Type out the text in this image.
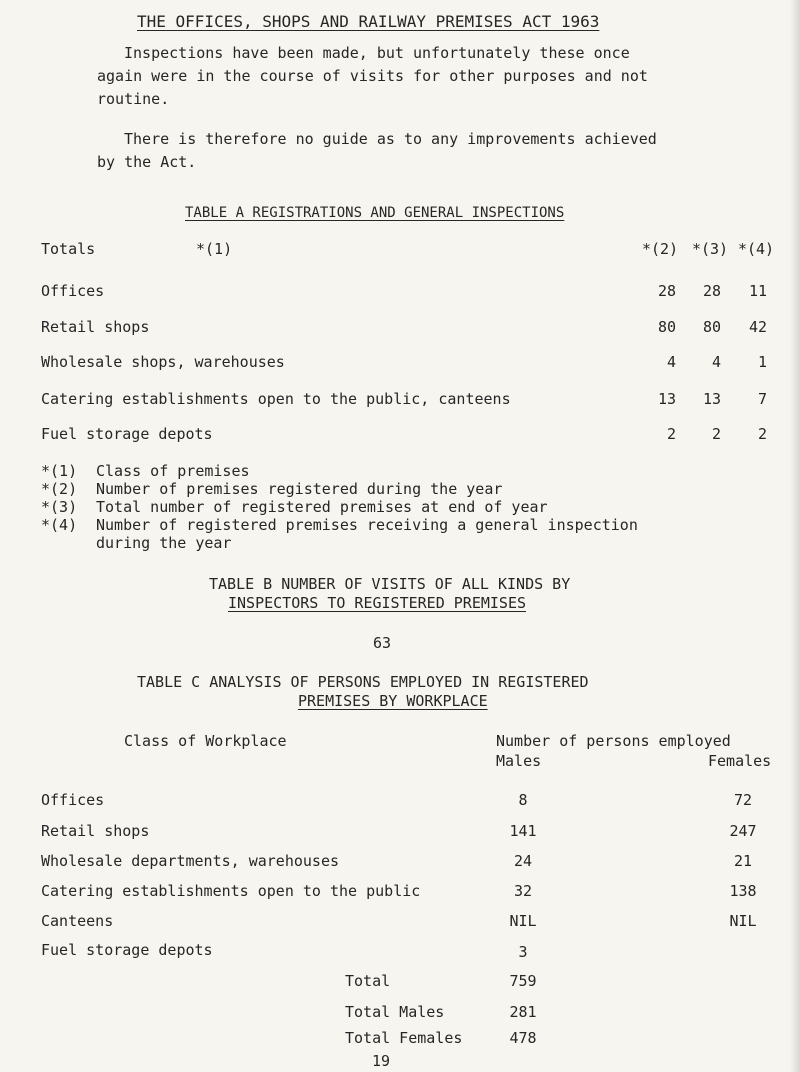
THE OFFICES, SHOPS AND RAILWAY PREMISES ACT 1963
Inspections have been made, but unfortunately these once
again were in the course of visits for other purposes and not
routine.
There is therefore no guide as to any improvements achieved
by the Act.
TABLE A REGISTRATIONS AND GENERAL INSPECTIONS
Totals	*(1)	*(2) *(3) *(4)
Offices	28	28	11
Retail shops	80	80	42
Wholesale shops, warehouses	4	4	1
Catering establishments open to the public, canteens	13	13	7
Fuel storage depots	2	2	2
*(1) Class of premises
*(2) Number of premises registered during the year
*(3) Total number of registered premises at end of year
*(4) Number of registered premises receiving a general inspection
during the year
TABLE B NUMBER OF VISITS OF ALL KINDS BY
INSPECTORS TO REGISTERED PREMISES
63
TABLE C ANALYSIS OF PERSONS EMPLOYED IN REGISTERED
PREMISES BY WORKPLACE
Class of Workplace	Number of persons employed
Males	Females
Offices	8	72
Retail shops	141	247
Wholesale departments, warehouses	24	21
Catering establishments open to the public	32	138
Canteens	NIL	NIL
Fuel storage depots	3
Total	759
Total Males	281
Total Females	478
19
